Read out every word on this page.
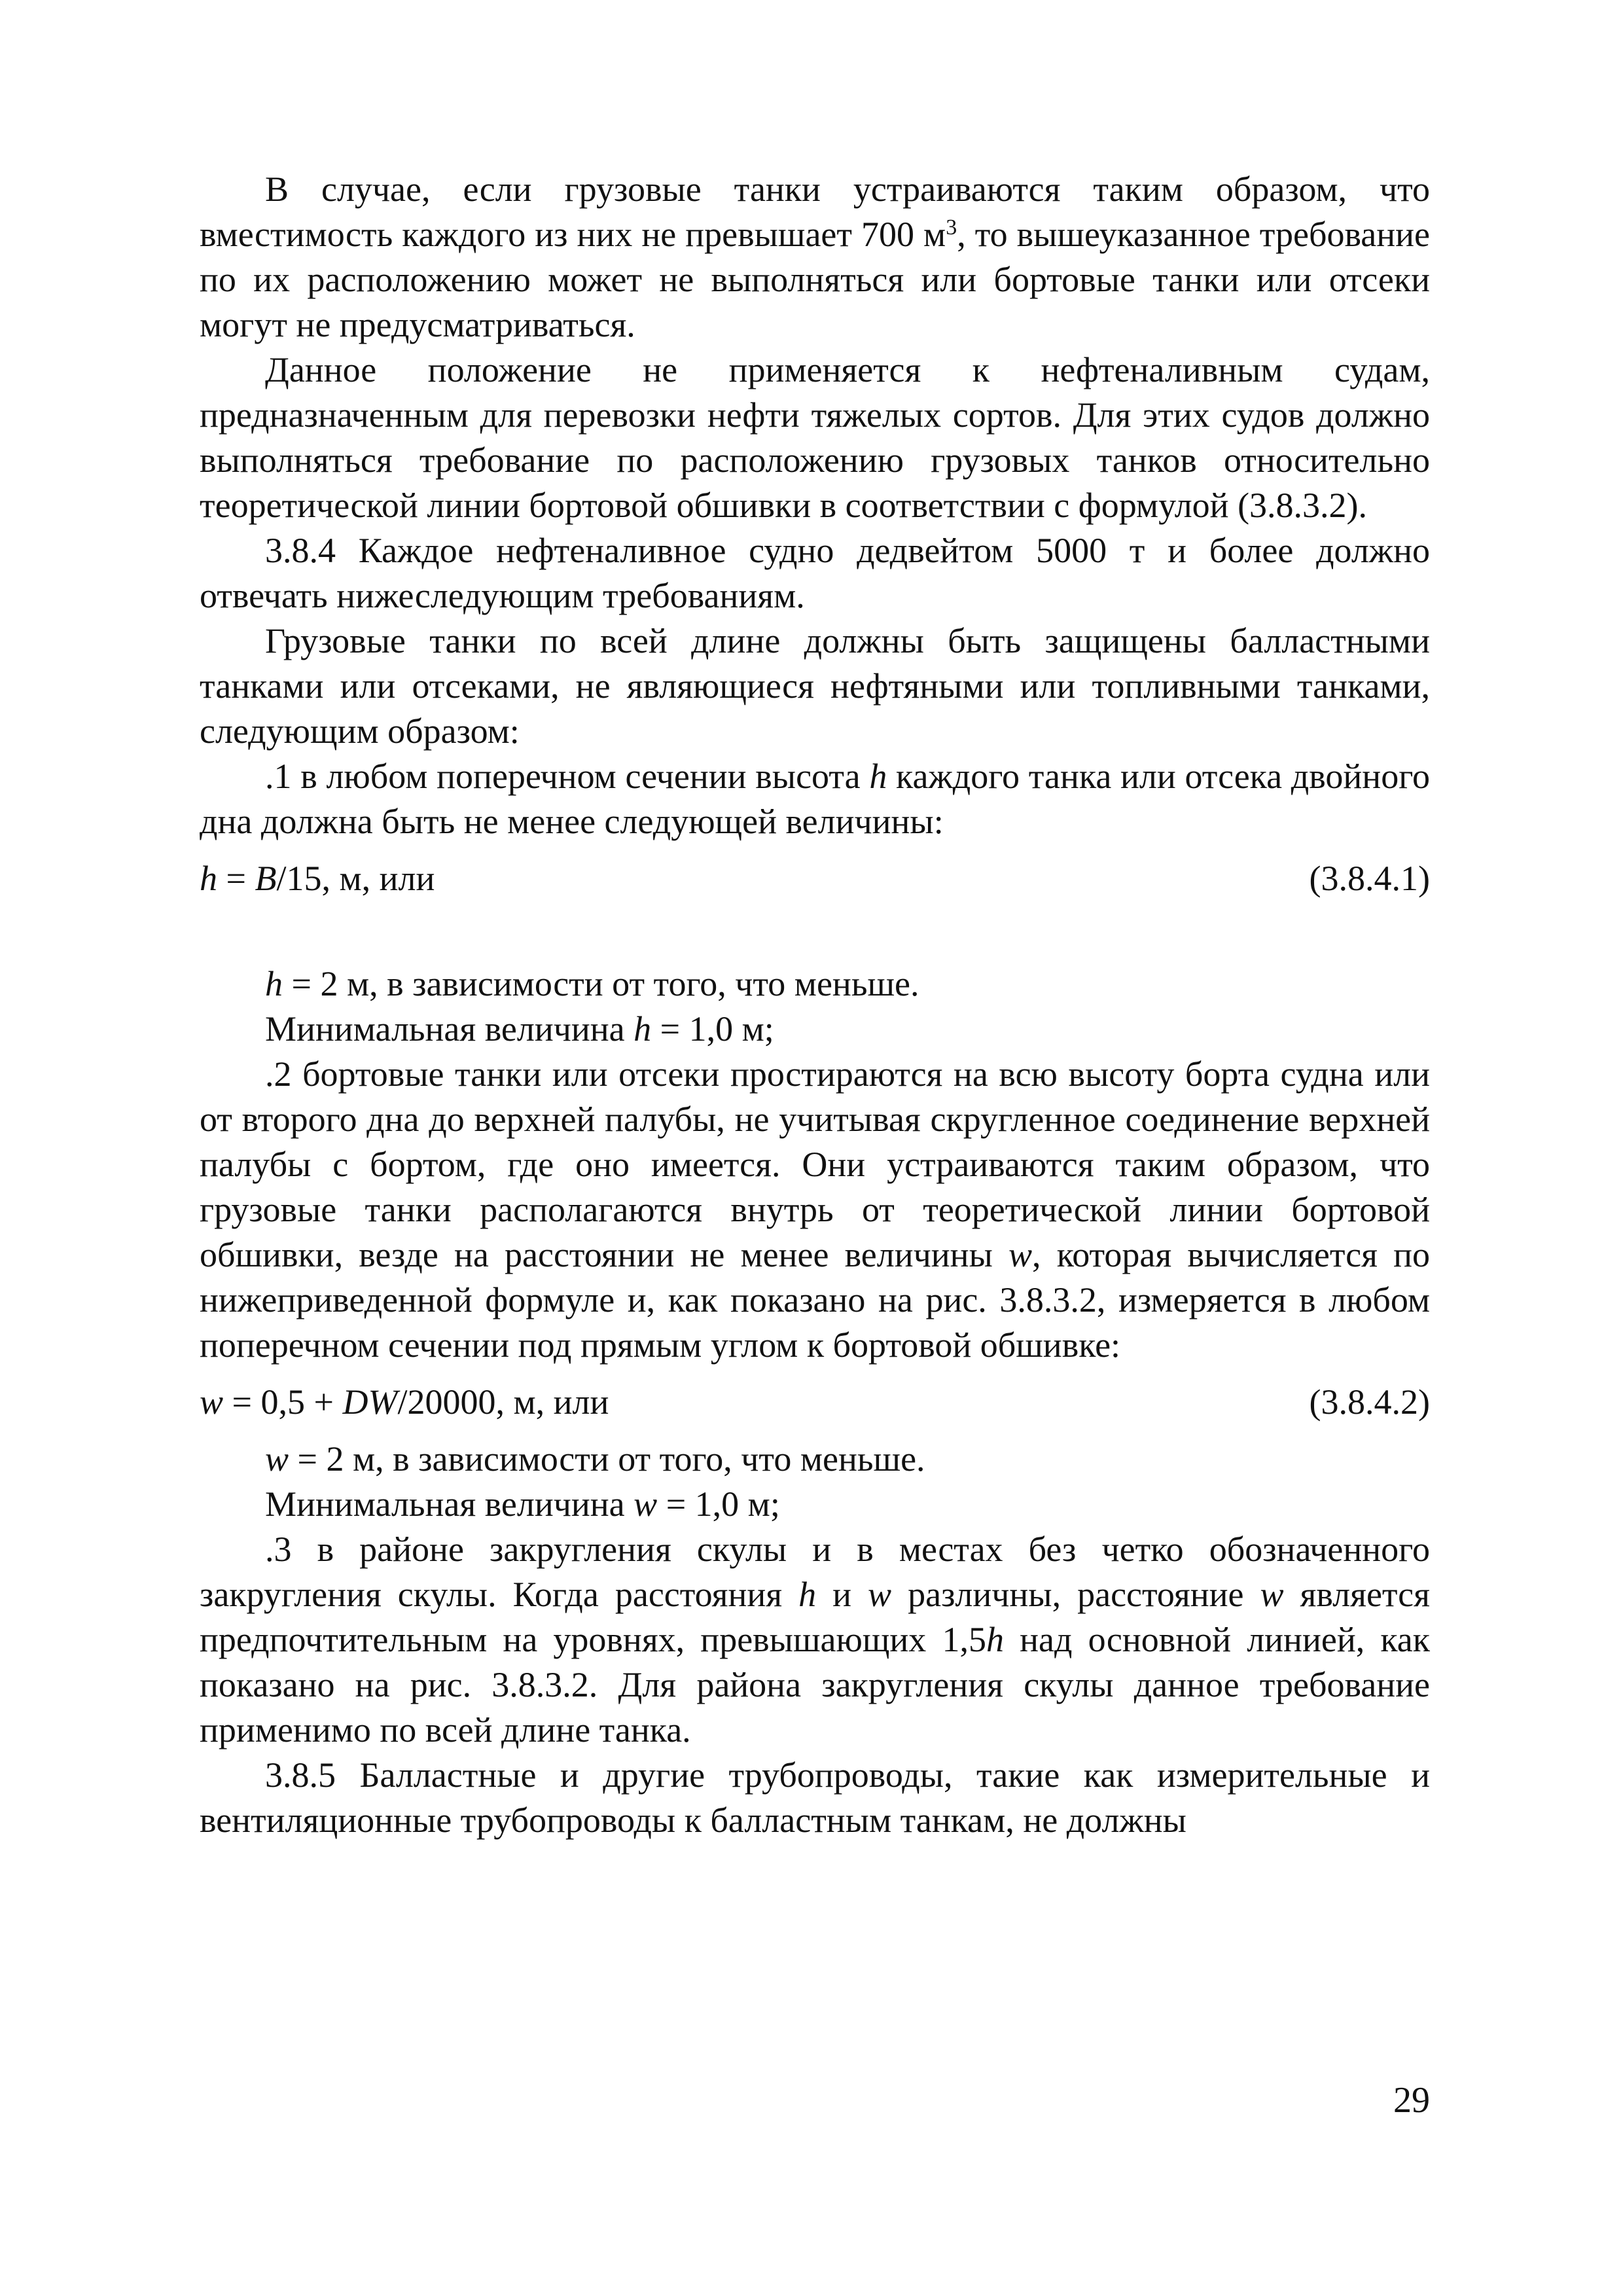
В случае, если грузовые танки устраиваются таким образом, что вместимость каждого из них не превышает 700 $м^3$, то вышеуказанное требование по их расположению может не выполняться или бортовые танки или отсеки могут не предусматриваться.

Данное положение не применяется к нефтеналивным судам, предназначенным для перевозки нефти тяжелых сортов. Для этих судов должно выполняться требование по расположению грузовых танков относительно теоретической линии бортовой обшивки в соответствии с формулой (3.8.3.2).

3.8.4 Каждое нефтеналивное судно дедвейтом 5000 т и более должно отвечать нижеследующим требованиям.

Грузовые танки по всей длине должны быть защищены балластными танками или отсеками, не являющиеся нефтяными или топливными танками, следующим образом:

.1 в любом поперечном сечении высота h каждого танка или отсека двойного дна должна быть не менее следующей величины:

h = B/15, м, или	(3.8.4.1)

h = 2 м, в зависимости от того, что меньше.

Минимальная величина h = 1,0 м;

.2 бортовые танки или отсеки простираются на всю высоту борта судна или от второго дна до верхней палубы, не учитывая скругленное соединение верхней палубы с бортом, где оно имеется. Они устраиваются таким образом, что грузовые танки располагаются внутрь от теоретической линии бортовой обшивки, везде на расстоянии не менее величины w, которая вычисляется по нижеприведенной формуле и, как показано на рис. 3.8.3.2, измеряется в любом поперечном сечении под прямым углом к бортовой обшивке:

w = 0,5 + DW/20000, м, или	(3.8.4.2)

w = 2 м, в зависимости от того, что меньше.

Минимальная величина w = 1,0 м;

.3 в районе закругления скулы и в местах без четко обозначенного закругления скулы. Когда расстояния h и w различны, расстояние w является предпочтительным на уровнях, превышающих 1,5h над основной линией, как показано на рис. 3.8.3.2. Для района закругления скулы данное требование применимо по всей длине танка.

3.8.5 Балластные и другие трубопроводы, такие как измерительные и вентиляционные трубопроводы к балластным танкам, не должны

29
